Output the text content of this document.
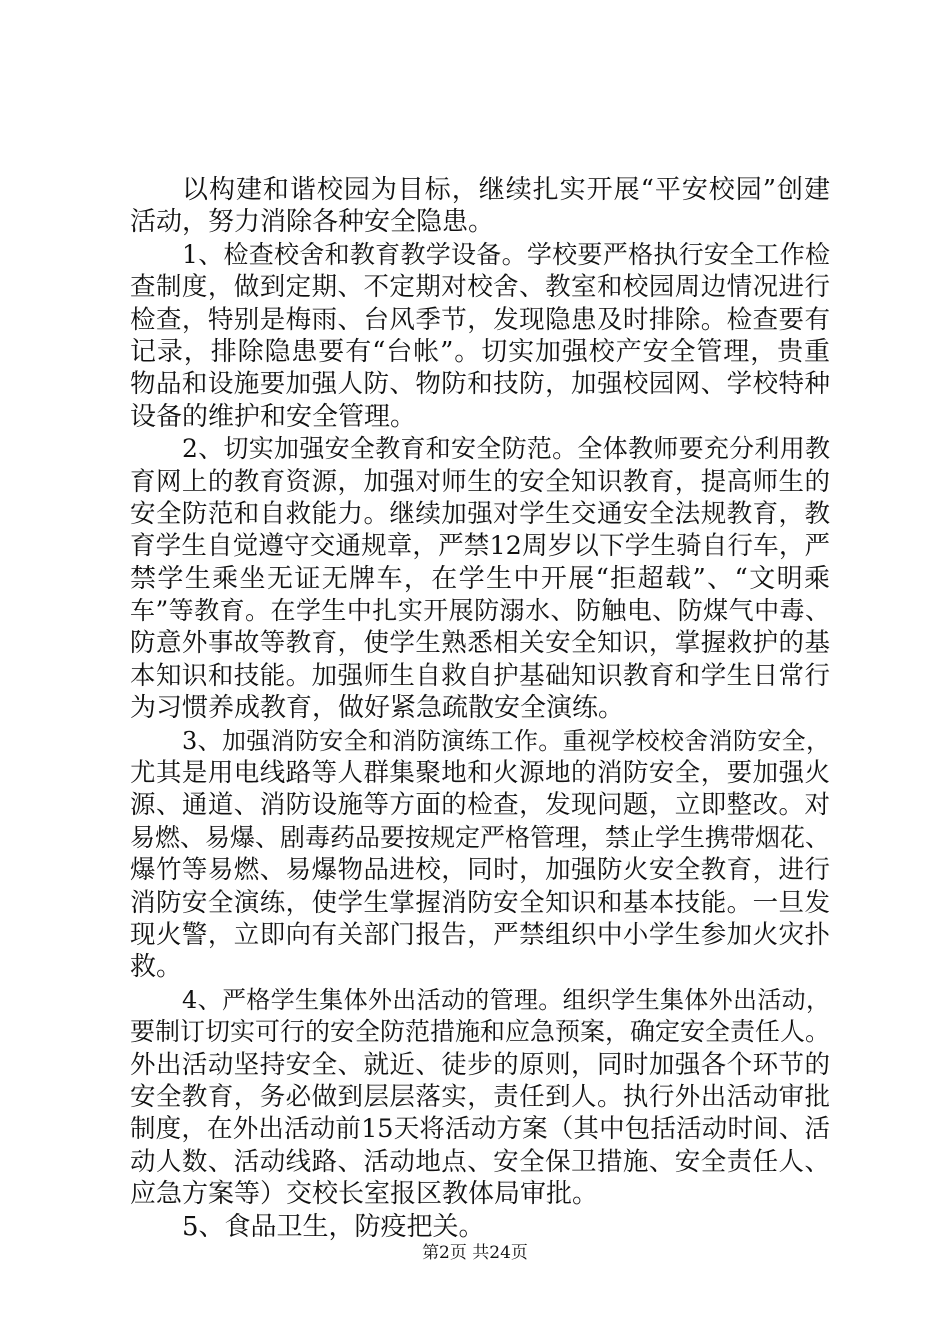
以构建和谐校园为目标，继续扎实开展“平安校园”创建
活动，努力消除各种安全隐患。
1、检查校舍和教育教学设备。学校要严格执行安全工作检
查制度，做到定期、不定期对校舍、教室和校园周边情况进行
检查，特别是梅雨、台风季节，发现隐患及时排除。检查要有
记录，排除隐患要有“台帐”。切实加强校产安全管理，贵重
物品和设施要加强人防、物防和技防，加强校园网、学校特种
设备的维护和安全管理。
2、切实加强安全教育和安全防范。全体教师要充分利用教
育网上的教育资源，加强对师生的安全知识教育，提高师生的
安全防范和自救能力。继续加强对学生交通安全法规教育，教
育学生自觉遵守交通规章，严禁12周岁以下学生骑自行车，严
禁学生乘坐无证无牌车，在学生中开展“拒超载”、“文明乘
车”等教育。在学生中扎实开展防溺水、防触电、防煤气中毒、
防意外事故等教育，使学生熟悉相关安全知识，掌握救护的基
本知识和技能。加强师生自救自护基础知识教育和学生日常行
为习惯养成教育，做好紧急疏散安全演练。
3、加强消防安全和消防演练工作。重视学校校舍消防安全，
尤其是用电线路等人群集聚地和火源地的消防安全，要加强火
源、通道、消防设施等方面的检查，发现问题，立即整改。对
易燃、易爆、剧毒药品要按规定严格管理，禁止学生携带烟花、
爆竹等易燃、易爆物品进校，同时，加强防火安全教育，进行
消防安全演练，使学生掌握消防安全知识和基本技能。一旦发
现火警，立即向有关部门报告，严禁组织中小学生参加火灾扑
救。
4、严格学生集体外出活动的管理。组织学生集体外出活动，
要制订切实可行的安全防范措施和应急预案，确定安全责任人。
外出活动坚持安全、就近、徒步的原则，同时加强各个环节的
安全教育，务必做到层层落实，责任到人。执行外出活动审批
制度，在外出活动前15天将活动方案（其中包括活动时间、活
动人数、活动线路、活动地点、安全保卫措施、安全责任人、
应急方案等）交校长室报区教体局审批。
5、食品卫生，防疫把关。
第2页 共24页
